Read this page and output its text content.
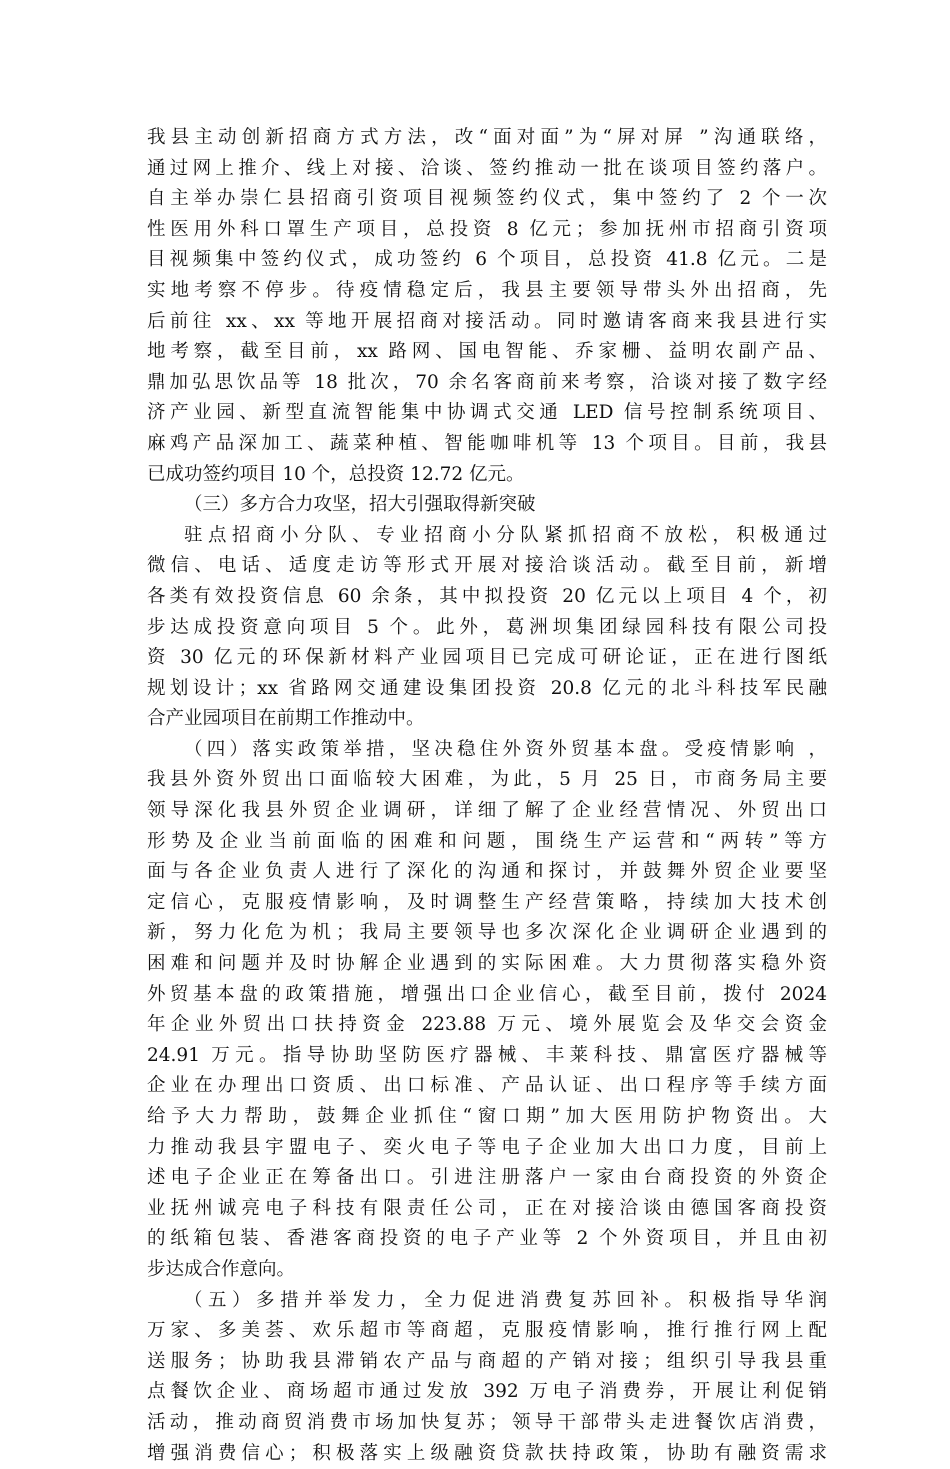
我县主动创新招商方式方法，改“面对面”为“屏对屏 ”沟通联络，
通过网上推介、线上对接、洽谈、签约推动一批在谈项目签约落户。
自主举办崇仁县招商引资项目视频签约仪式，集中签约了 2 个一次
性医用外科口罩生产项目，总投资 8 亿元；参加抚州市招商引资项
目视频集中签约仪式，成功签约 6 个项目，总投资 41.8 亿元。二是
实地考察不停步。待疫情稳定后，我县主要领导带头外出招商，先
后前往 xx、xx 等地开展招商对接活动。同时邀请客商来我县进行实
地考察，截至目前，xx 路网、国电智能、乔家栅、益明农副产品、
鼎加弘思饮品等 18 批次，70 余名客商前来考察，洽谈对接了数字经
济产业园、新型直流智能集中协调式交通 LED 信号控制系统项目、
麻鸡产品深加工、蔬菜种植、智能咖啡机等 13 个项目。目前，我县
已成功签约项目 10 个，总投资 12.72 亿元。
（三）多方合力攻坚，招大引强取得新突破
驻点招商小分队、专业招商小分队紧抓招商不放松，积极通过
微信、电话、适度走访等形式开展对接洽谈活动。截至目前，新增
各类有效投资信息 60 余条，其中拟投资 20 亿元以上项目 4 个，初
步达成投资意向项目 5 个。此外，葛洲坝集团绿园科技有限公司投
资 30 亿元的环保新材料产业园项目已完成可研论证，正在进行图纸
规划设计；xx 省路网交通建设集团投资 20.8 亿元的北斗科技军民融
合产业园项目在前期工作推动中。
（四）落实政策举措，坚决稳住外资外贸基本盘。受疫情影响 ，
我县外资外贸出口面临较大困难，为此，5 月 25 日，市商务局主要
领导深化我县外贸企业调研，详细了解了企业经营情况、外贸出口
形势及企业当前面临的困难和问题，围绕生产运营和“两转”等方
面与各企业负责人进行了深化的沟通和探讨，并鼓舞外贸企业要坚
定信心，克服疫情影响，及时调整生产经营策略，持续加大技术创
新，努力化危为机；我局主要领导也多次深化企业调研企业遇到的
困难和问题并及时协解企业遇到的实际困难。大力贯彻落实稳外资
外贸基本盘的政策措施，增强出口企业信心，截至目前，拨付 2024
年企业外贸出口扶持资金 223.88 万元、境外展览会及华交会资金
24.91 万元。指导协助坚防医疗器械、丰莱科技、鼎富医疗器械等
企业在办理出口资质、出口标准、产品认证、出口程序等手续方面
给予大力帮助，鼓舞企业抓住“窗口期”加大医用防护物资出。大
力推动我县宇盟电子、奕火电子等电子企业加大出口力度，目前上
述电子企业正在筹备出口。引进注册落户一家由台商投资的外资企
业抚州诚亮电子科技有限责任公司，正在对接洽谈由德国客商投资
的纸箱包装、香港客商投资的电子产业等 2 个外资项目，并且由初
步达成合作意向。
（五）多措并举发力，全力促进消费复苏回补。积极指导华润
万家、多美荟、欢乐超市等商超，克服疫情影响，推行推行网上配
送服务；协助我县滞销农产品与商超的产销对接；组织引导我县重
点餐饮企业、商场超市通过发放 392 万电子消费券，开展让利促销
活动，推动商贸消费市场加快复苏；领导干部带头走进餐饮店消费，
增强消费信心；积极落实上级融资贷款扶持政策，协助有融资需求
